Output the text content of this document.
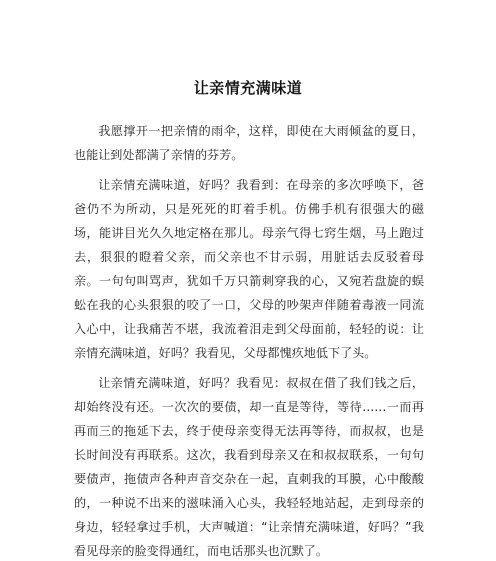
让亲情充满味道

我愿撑开一把亲情的雨伞，这样，即使在大雨倾盆的夏日，也能让到处都满了亲情的芬芳。

让亲情充满味道，好吗？我看到：在母亲的多次呼唤下，爸爸仍不为所动，只是死死的盯着手机。仿佛手机有很强大的磁场，能讲目光久久地定格在那儿。母亲气得七窍生烟，马上跑过去，狠狠的瞪着父亲，而父亲也不甘示弱，用脏话去反驳着母亲。一句句叫骂声，犹如千万只箭刺穿我的心，又宛若盘旋的蜈蚣在我的心头狠狠的咬了一口，父母的吵架声伴随着毒液一同流入心中，让我痛苦不堪，我流着泪走到父母面前，轻轻的说：让亲情充满味道，好吗？我看见，父母都愧疚地低下了头。

让亲情充满味道，好吗？我看见：叔叔在借了我们钱之后，却始终没有还。一次次的要债，却一直是等待，等待……一而再再而三的拖延下去，终于使母亲变得无法再等待，而叔叔，也是长时间没有再联系。这次，我看到母亲又在和叔叔联系，一句句要债声，拖债声各种声音交杂在一起，直刺我的耳膜，心中酸酸的，一种说不出来的滋味涌入心头，我轻轻地站起，走到母亲的身边，轻轻拿过手机，大声喊道：“让亲情充满味道，好吗？”我看见母亲的脸变得通红，而电话那头也沉默了。
